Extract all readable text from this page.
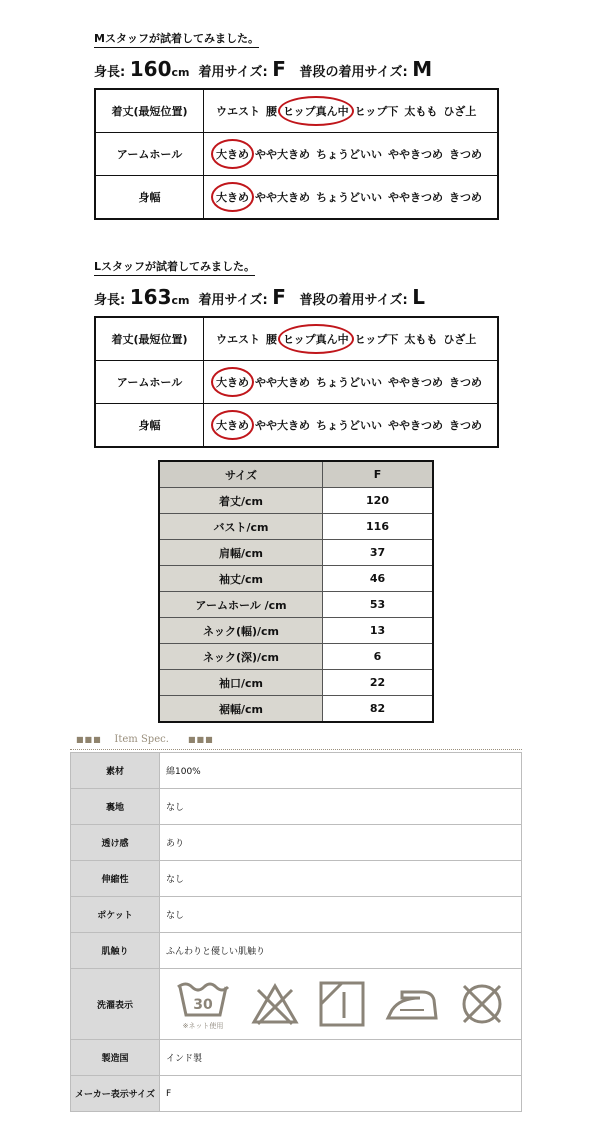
Mスタッフが試着してみました。
身長: 160cm 着用サイズ: F 普段の着用サイズ: M
着丈(最短位置)	ウエスト 腰 ヒップ真ん中 ヒップ下 太もも ひざ上
アームホール	大きめ やや大きめ ちょうどいい ややきつめ きつめ
身幅	大きめ やや大きめ ちょうどいい ややきつめ きつめ
Lスタッフが試着してみました。
身長: 163cm 着用サイズ: F 普段の着用サイズ: L
着丈(最短位置)	ウエスト 腰 ヒップ真ん中 ヒップ下 太もも ひざ上
アームホール	大きめ やや大きめ ちょうどいい ややきつめ きつめ
身幅	大きめ やや大きめ ちょうどいい ややきつめ きつめ
サイズ	F
着丈/cm	120
バスト/cm	116
肩幅/cm	37
袖丈/cm	46
アームホール /cm	53
ネック(幅)/cm	13
ネック(深)/cm	6
袖口/cm	22
裾幅/cm	82
■■■ Item Spec. ■■■
素材	綿100%
裏地	なし
透け感	あり
伸縮性	なし
ポケット	なし
肌触り	ふんわりと優しい肌触り
洗濯表示	30
※ネット使用

製造国	インド製
メーカー表示サイズ	F
